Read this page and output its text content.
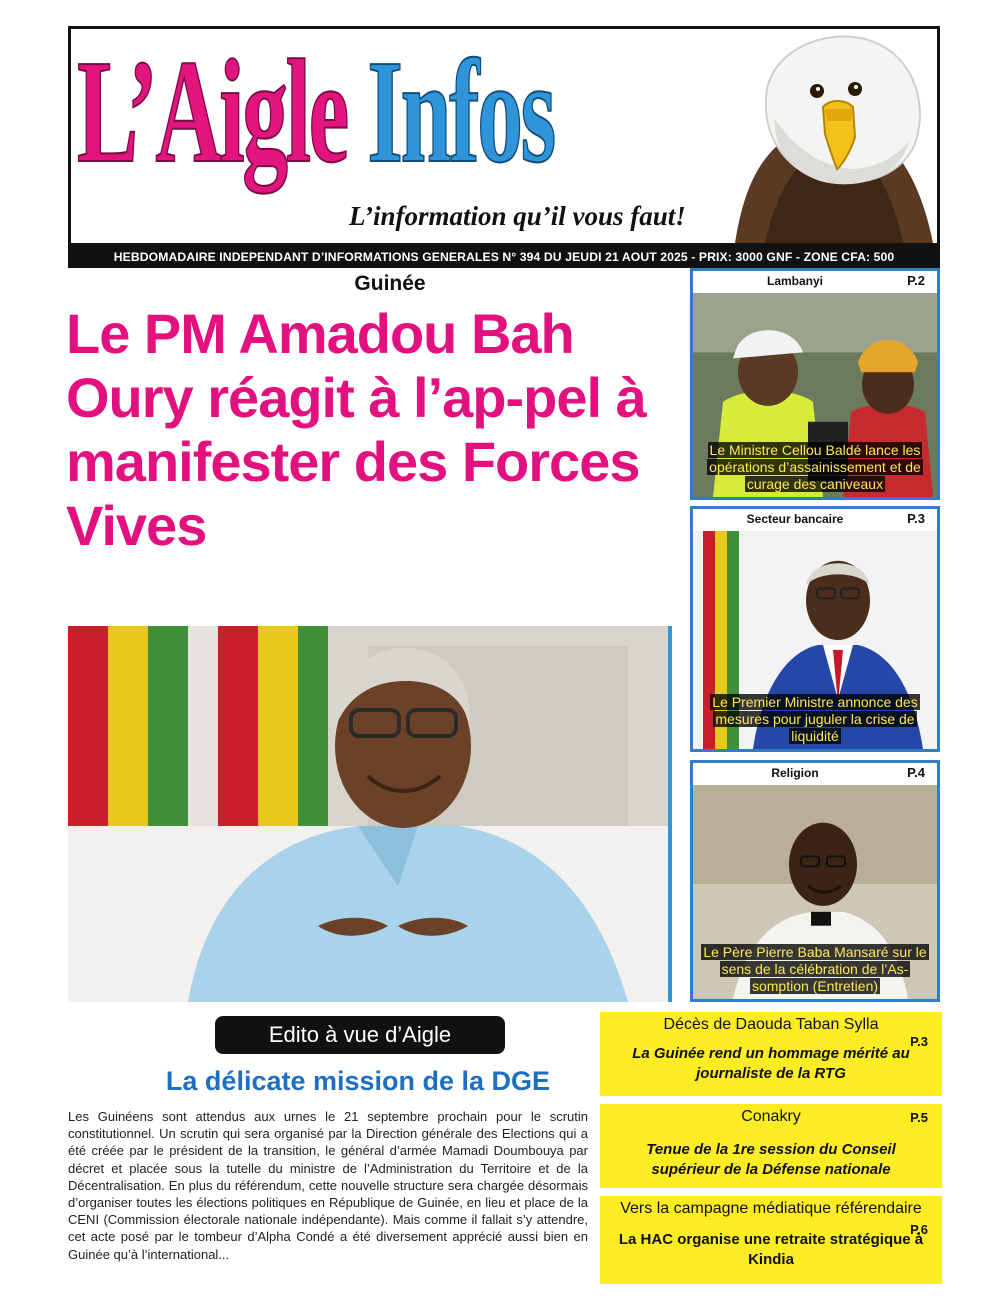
L’Aigle Infos
L’information qu’il vous faut!
HEBDOMADAIRE INDEPENDANT D’INFORMATIONS GENERALES N° 394 DU JEUDI 21 AOUT 2025 - PRIX: 3000 GNF - ZONE CFA: 500
Guinée
Le PM Amadou Bah Oury réagit à l’ap-pel à manifester des Forces Vives
Lambanyi	P.2
Le Ministre Cellou Baldé lance les opérations d’assainissement et de curage des caniveaux
Secteur bancaire	P.3
Le Premier Ministre annonce des mesures pour juguler la crise de liquidité
Religion	P.4
Le Père Pierre Baba Mansaré sur le sens de la célébration de l’As-somption (Entretien)
Edito à vue d’Aigle
La délicate mission de la DGE

Les Guinéens sont attendus aux urnes le 21 septembre prochain pour le scrutin constitutionnel. Un scrutin qui sera organisé par la Direction générale des Elections qui a été créée par le président de la transition, le général d’armée Mamadi Doumbouya par décret et placée sous la tutelle du ministre de l’Administration du Territoire et de la Décentralisation. En plus du référendum, cette nouvelle structure sera chargée désormais d’organiser toutes les élections politiques en République de Guinée, en lieu et place de la CENI (Commission électorale nationale indépendante). Mais comme il fallait s’y attendre, cet acte posé par le tombeur d’Alpha Condé a été diversement apprécié aussi bien en Guinée qu’à l’international...

Décès de Daouda Taban Sylla
P.3
La Guinée rend un hommage mérité au journaliste de la RTG
Conakry	P.5
Tenue de la 1re session du Conseil supérieur de la Défense nationale
Vers la campagne médiatique référendaire
P.6
La HAC organise une retraite stratégique à Kindia
